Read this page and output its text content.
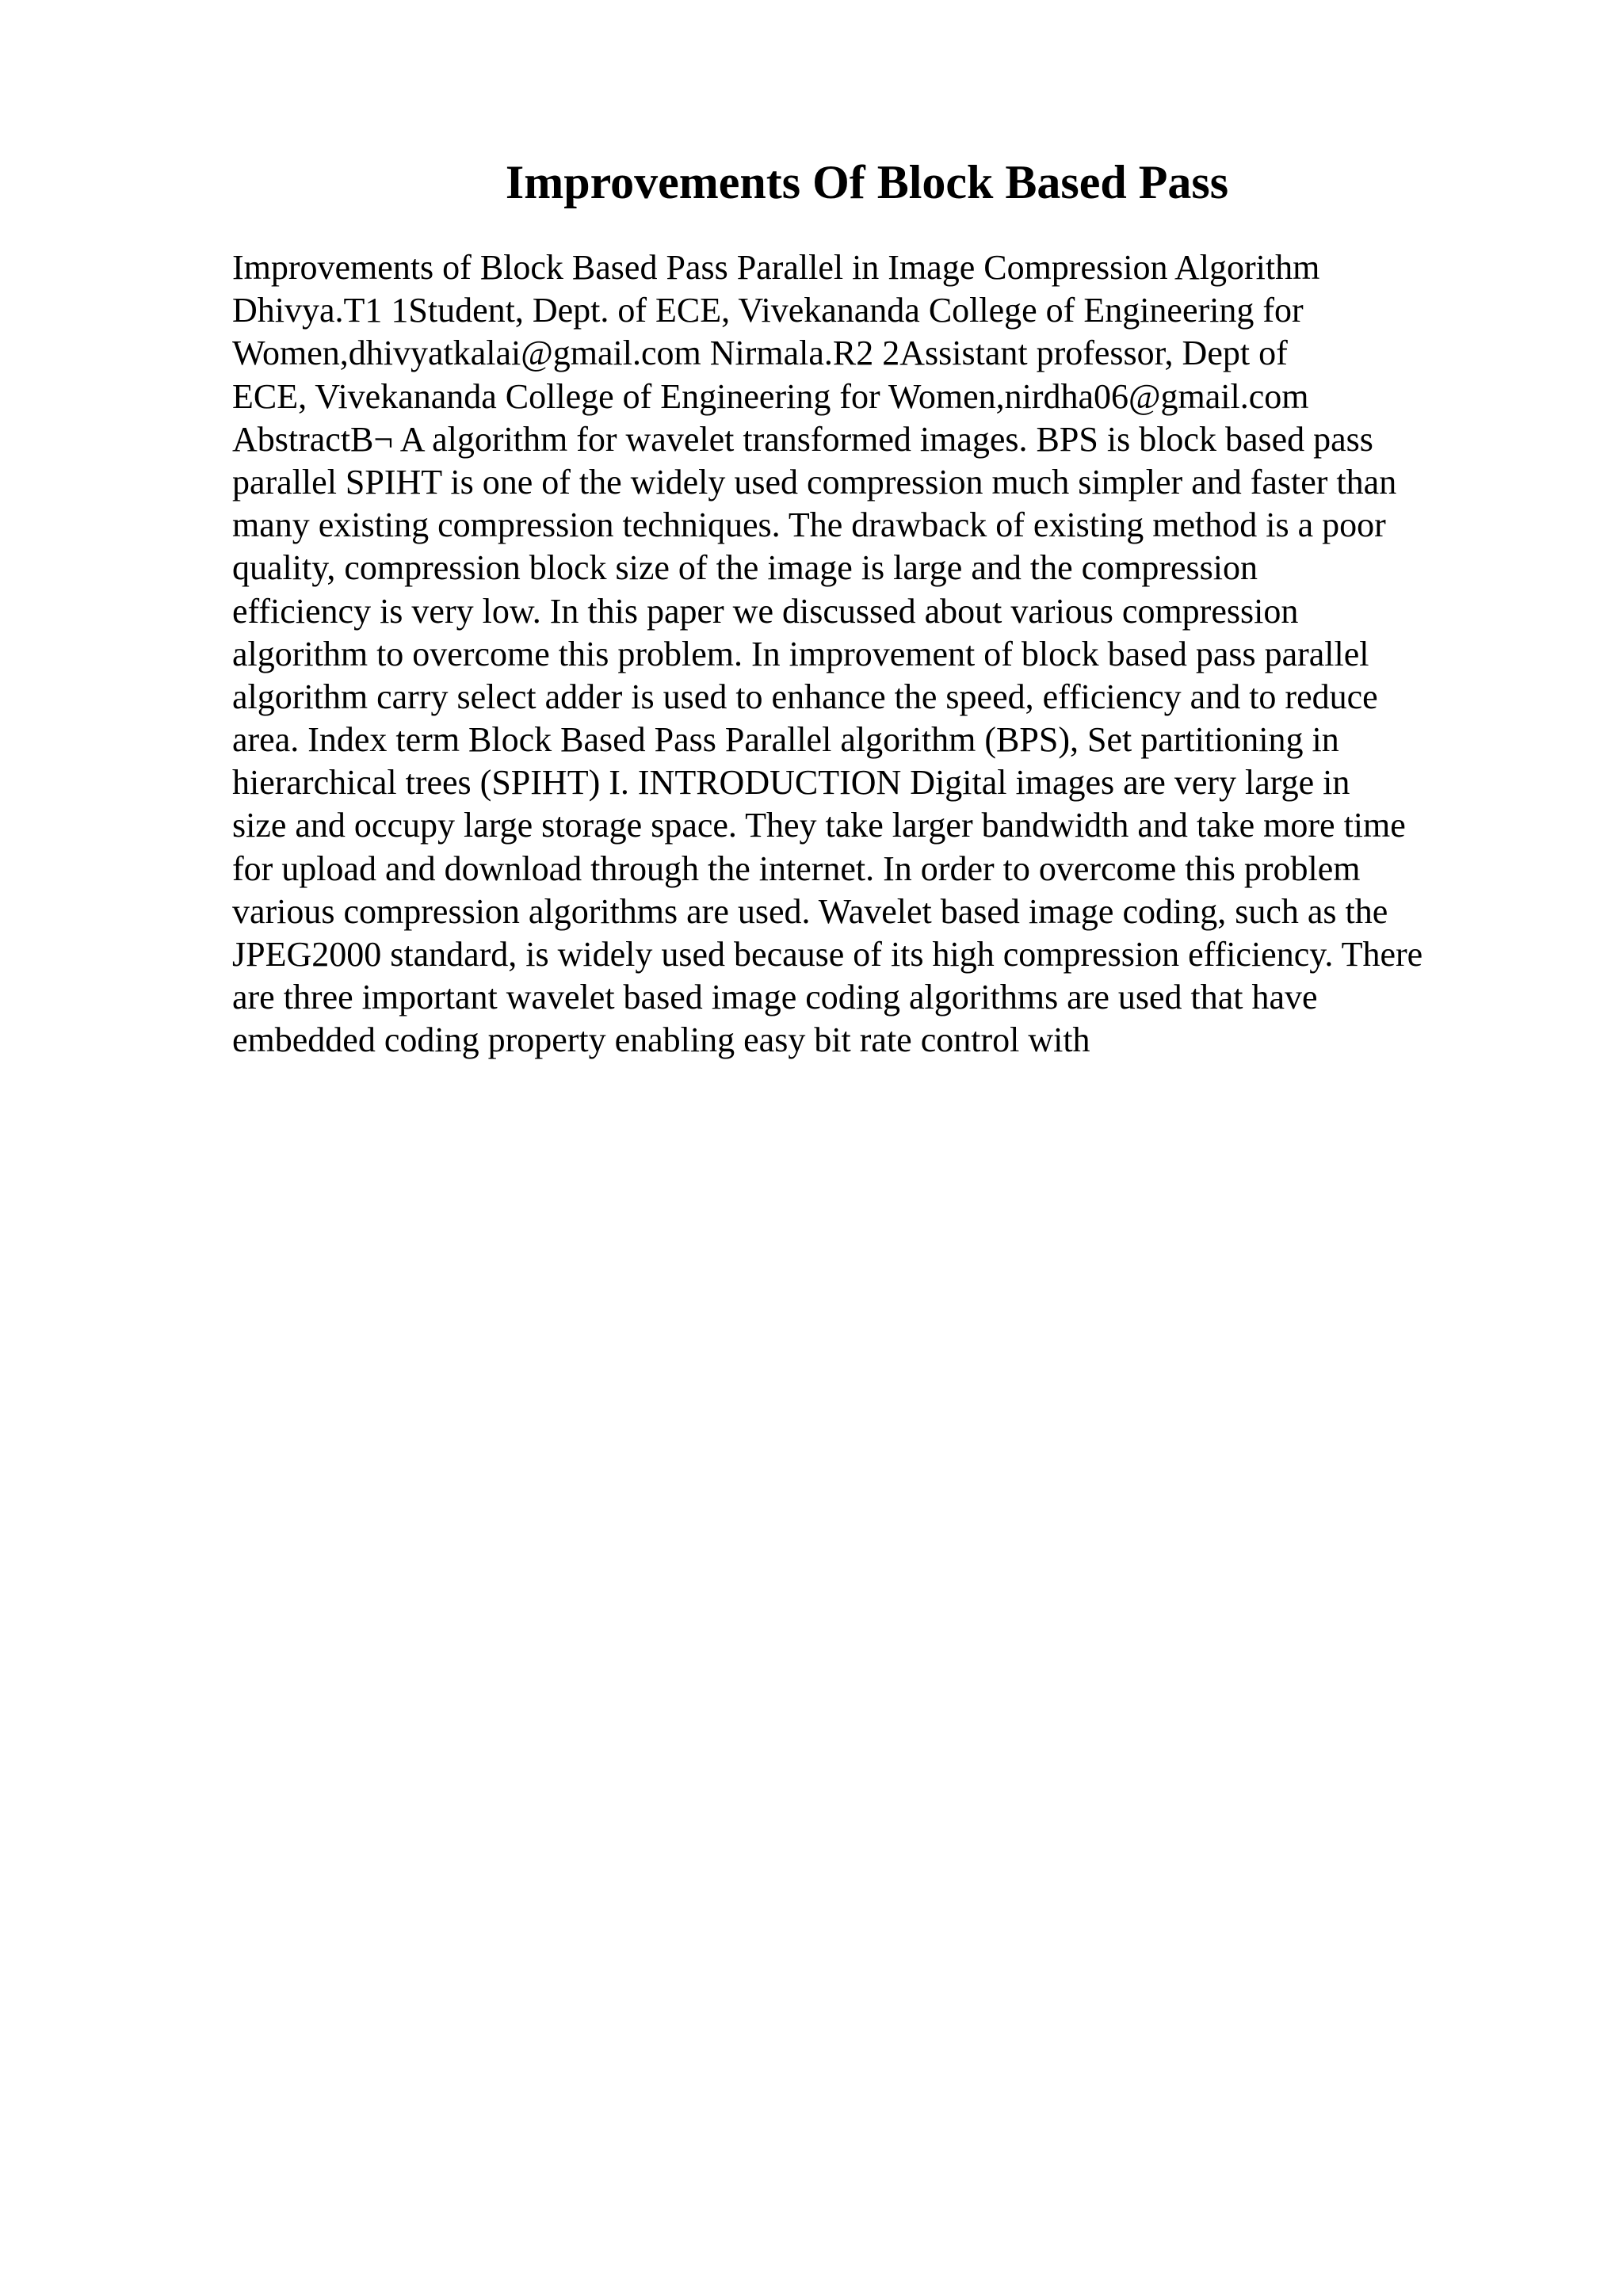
Improvements Of Block Based Pass
Improvements of Block Based Pass Parallel in Image Compression Algorithm
Dhivya.T1 1Student, Dept. of ECE, Vivekananda College of Engineering for
Women,dhivyatkalai@gmail.com Nirmala.R2 2Assistant professor, Dept of
ECE, Vivekananda College of Engineering for Women,nirdha06@gmail.com
AbstractB¬ A algorithm for wavelet transformed images. BPS is block based pass
parallel SPIHT is one of the widely used compression much simpler and faster than
many existing compression techniques. The drawback of existing method is a poor
quality, compression block size of the image is large and the compression
efficiency is very low. In this paper we discussed about various compression
algorithm to overcome this problem. In improvement of block based pass parallel
algorithm carry select adder is used to enhance the speed, efficiency and to reduce
area. Index term Block Based Pass Parallel algorithm (BPS), Set partitioning in
hierarchical trees (SPIHT) I. INTRODUCTION Digital images are very large in
size and occupy large storage space. They take larger bandwidth and take more time
for upload and download through the internet. In order to overcome this problem
various compression algorithms are used. Wavelet based image coding, such as the
JPEG2000 standard, is widely used because of its high compression efficiency. There
are three important wavelet based image coding algorithms are used that have
embedded coding property enabling easy bit rate control with
